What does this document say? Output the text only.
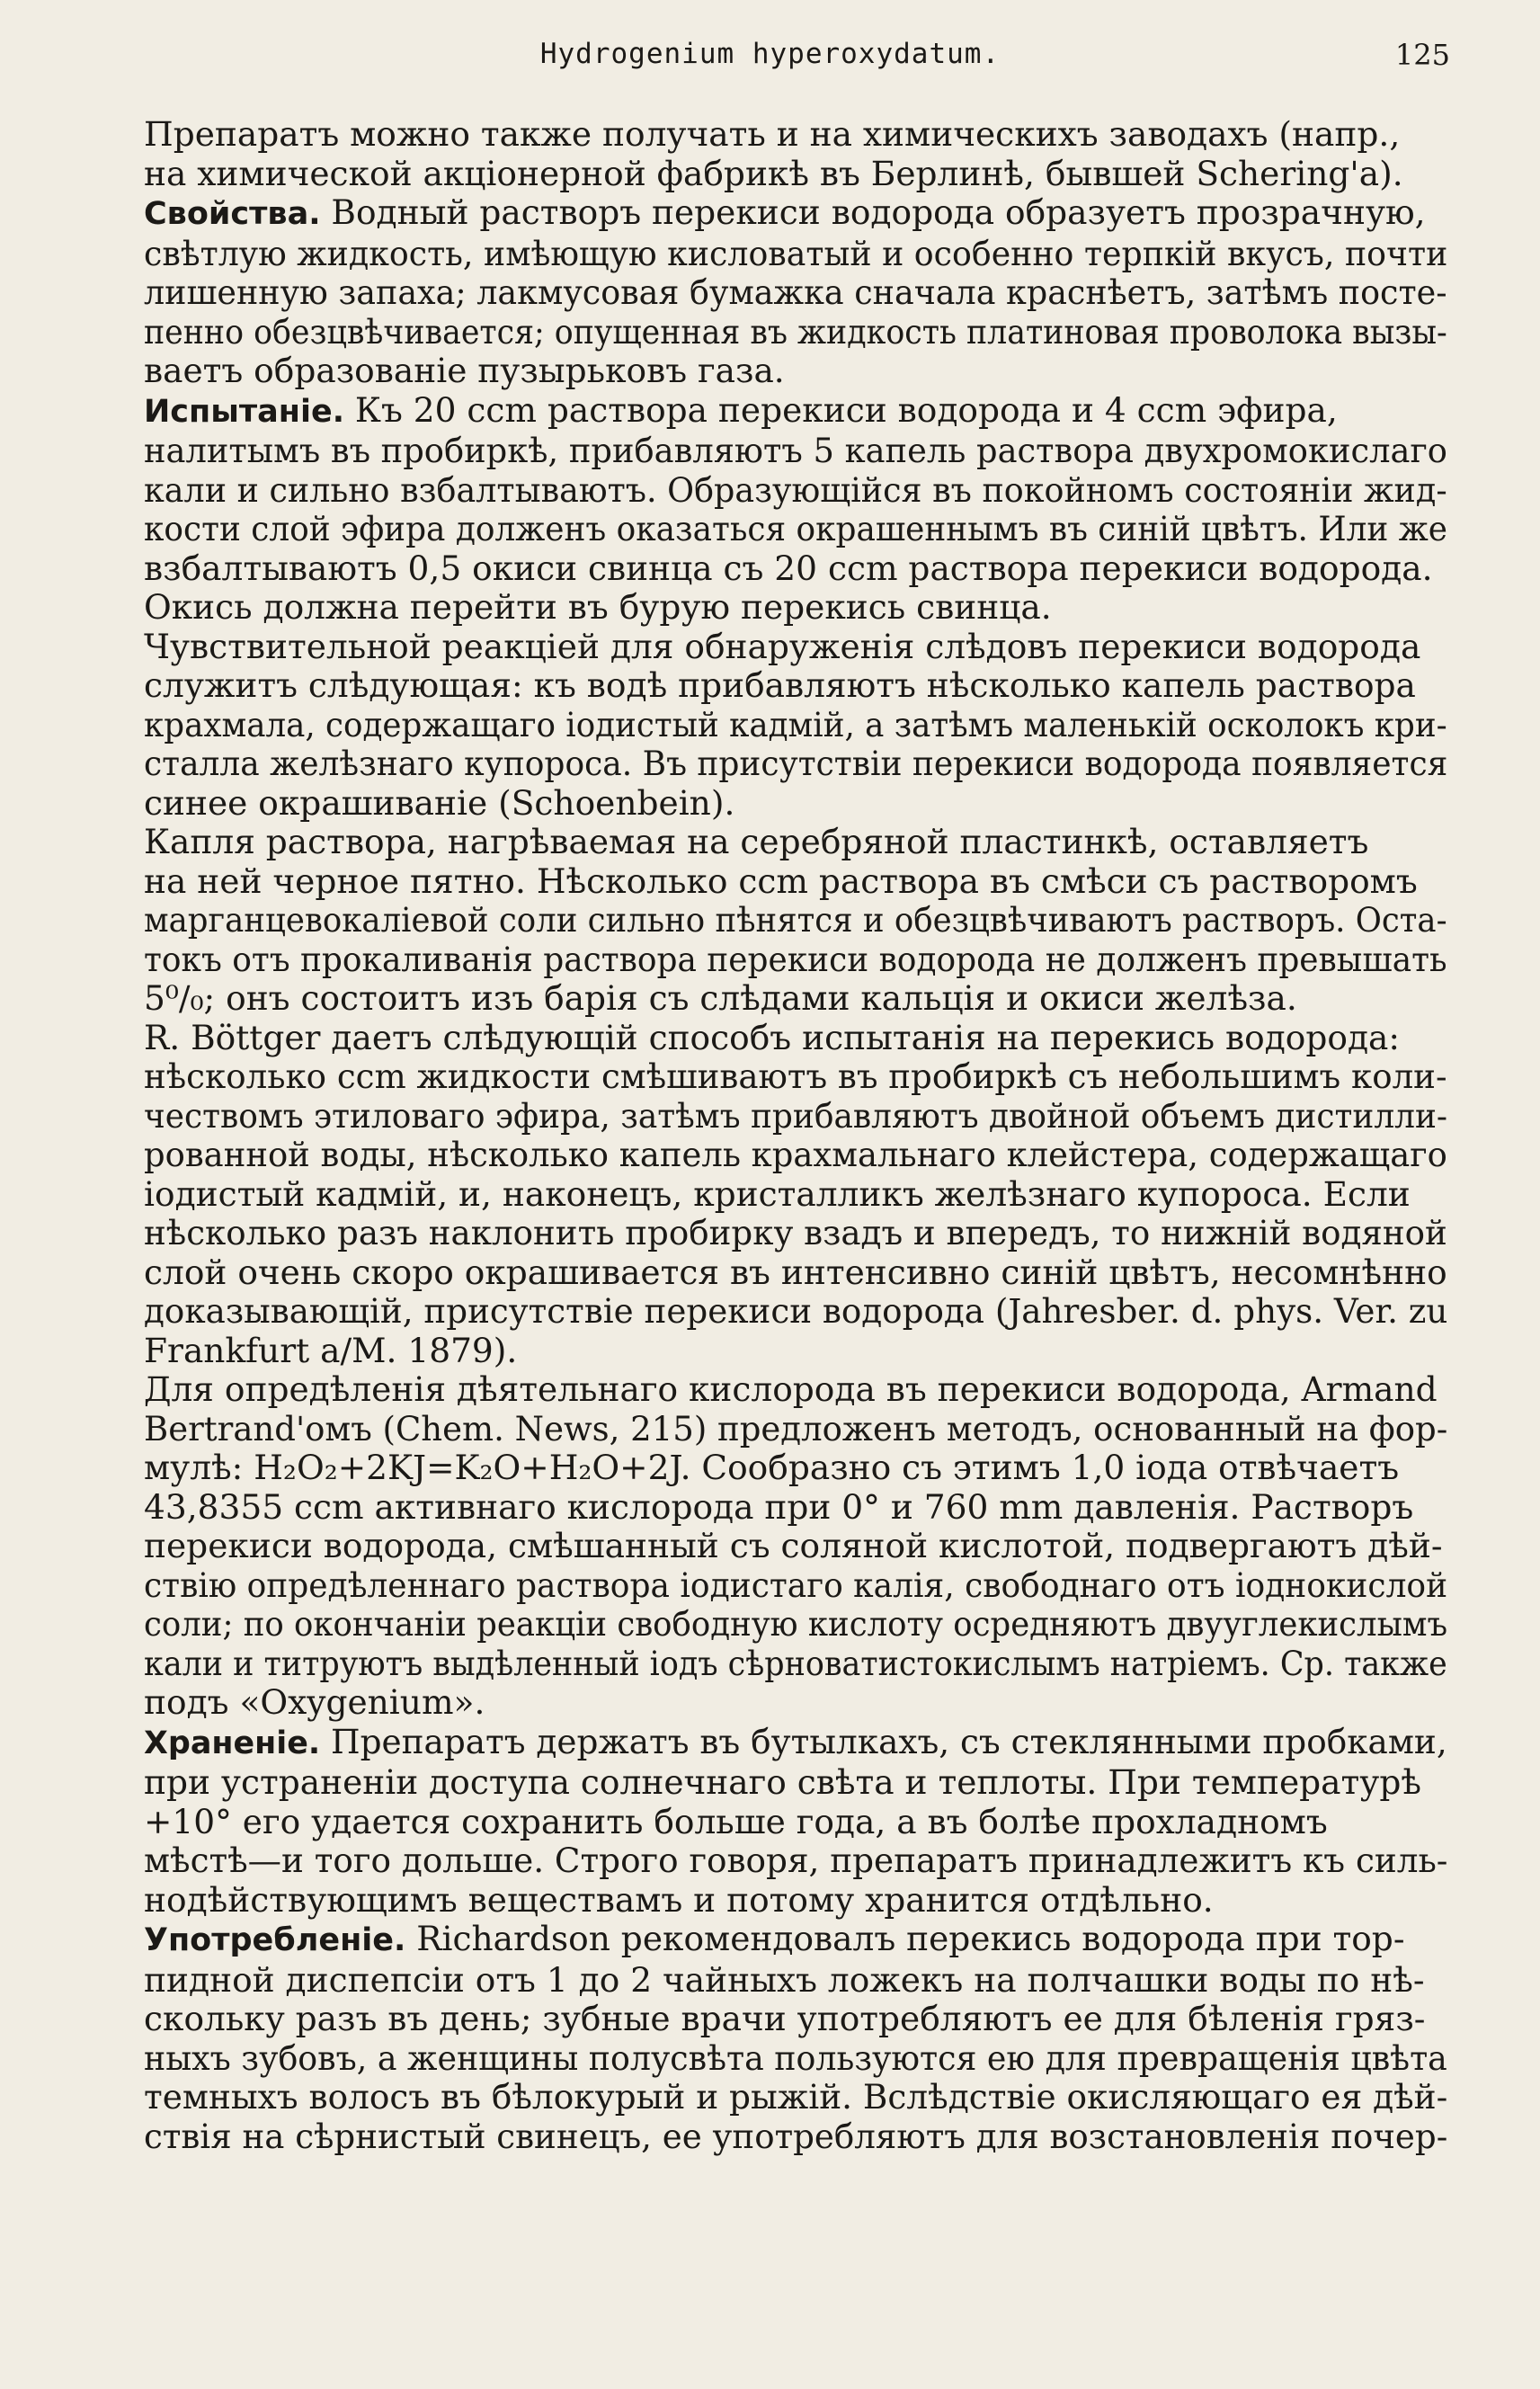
Hydrogenium hyperoxydatum.	125
Препаратъ можно также получать и на химическихъ заводахъ (напр.,
на химической акціонерной фабрикѣ въ Берлинѣ, бывшей Schering'a).
Свойства. Водный растворъ перекиси водорода образуетъ прозрачную,
свѣтлую жидкость, имѣющую кисловатый и особенно терпкій вкусъ, почти
лишенную запаха; лакмусовая бумажка сначала краснѣетъ, затѣмъ посте-
пенно обезцвѣчивается; опущенная въ жидкость платиновая проволока вызы-
ваетъ образованіе пузырьковъ газа.
Испытаніе. Къ 20 ccm раствора перекиси водорода и 4 ccm эфира,
налитымъ въ пробиркѣ, прибавляютъ 5 капель раствора двухромокислаго
кали и сильно взбалтываютъ. Образующійся въ покойномъ состояніи жид-
кости слой эфира долженъ оказаться окрашеннымъ въ синій цвѣтъ. Или же
взбалтываютъ 0,5 окиси свинца съ 20 ccm раствора перекиси водорода.
Окись должна перейти въ бурую перекись свинца.
Чувствительной реакціей для обнаруженія слѣдовъ перекиси водорода
служитъ слѣдующая: къ водѣ прибавляютъ нѣсколько капель раствора
крахмала, содержащаго іодистый кадмій, а затѣмъ маленькій осколокъ кри-
сталла желѣзнаго купороса. Въ присутствіи перекиси водорода появляется
синее окрашиваніе (Schoenbein).
Капля раствора, нагрѣваемая на серебряной пластинкѣ, оставляетъ
на ней черное пятно. Нѣсколько ccm раствора въ смѣси съ растворомъ
марганцевокаліевой соли сильно пѣнятся и обезцвѣчиваютъ растворъ. Оста-
токъ отъ прокаливанія раствора перекиси водорода не долженъ превышать
5⁰/₀; онъ состоитъ изъ барія съ слѣдами кальція и окиси желѣза.
R. Böttger даетъ слѣдующій способъ испытанія на перекись водорода:
нѣсколько ccm жидкости смѣшиваютъ въ пробиркѣ съ небольшимъ коли-
чествомъ этиловаго эфира, затѣмъ прибавляютъ двойной объемъ дистилли-
рованной воды, нѣсколько капель крахмальнаго клейстера, содержащаго
іодистый кадмій, и, наконецъ, кристалликъ желѣзнаго купороса. Если
нѣсколько разъ наклонить пробирку взадъ и впередъ, то нижній водяной
слой очень скоро окрашивается въ интенсивно синій цвѣтъ, несомнѣнно
доказывающій, присутствіе перекиси водорода (Jahresber. d. phys. Ver. zu
Frankfurt a/M. 1879).
Для опредѣленія дѣятельнаго кислорода въ перекиси водорода, Armand
Bertrand'омъ (Chem. News, 215) предложенъ методъ, основанный на фор-
мулѣ: H₂O₂+2KJ=K₂O+H₂O+2J. Сообразно съ этимъ 1,0 іода отвѣчаетъ
43,8355 ccm активнаго кислорода при 0° и 760 mm давленія. Растворъ
перекиси водорода, смѣшанный съ соляной кислотой, подвергаютъ дѣй-
ствію опредѣленнаго раствора іодистаго калія, свободнаго отъ іоднокислой
соли; по окончаніи реакціи свободную кислоту осредняютъ двууглекислымъ
кали и титруютъ выдѣленный іодъ сѣрноватистокислымъ натріемъ. Ср. также
подъ «Oxygenium».
Храненіе. Препаратъ держатъ въ бутылкахъ, съ стеклянными пробками,
при устраненіи доступа солнечнаго свѣта и теплоты. При температурѣ
+10° его удается сохранить больше года, а въ болѣе прохладномъ
мѣстѣ—и того дольше. Строго говоря, препаратъ принадлежитъ къ силь-
нодѣйствующимъ веществамъ и потому хранится отдѣльно.
Употребленіе. Richardson рекомендовалъ перекись водорода при тор-
пидной диспепсіи отъ 1 до 2 чайныхъ ложекъ на полчашки воды по нѣ-
скольку разъ въ день; зубные врачи употребляютъ ее для бѣленія гряз-
ныхъ зубовъ, а женщины полусвѣта пользуются ею для превращенія цвѣта
темныхъ волосъ въ бѣлокурый и рыжій. Вслѣдствіе окисляющаго ея дѣй-
ствія на сѣрнистый свинецъ, ее употребляютъ для возстановленія почер-
